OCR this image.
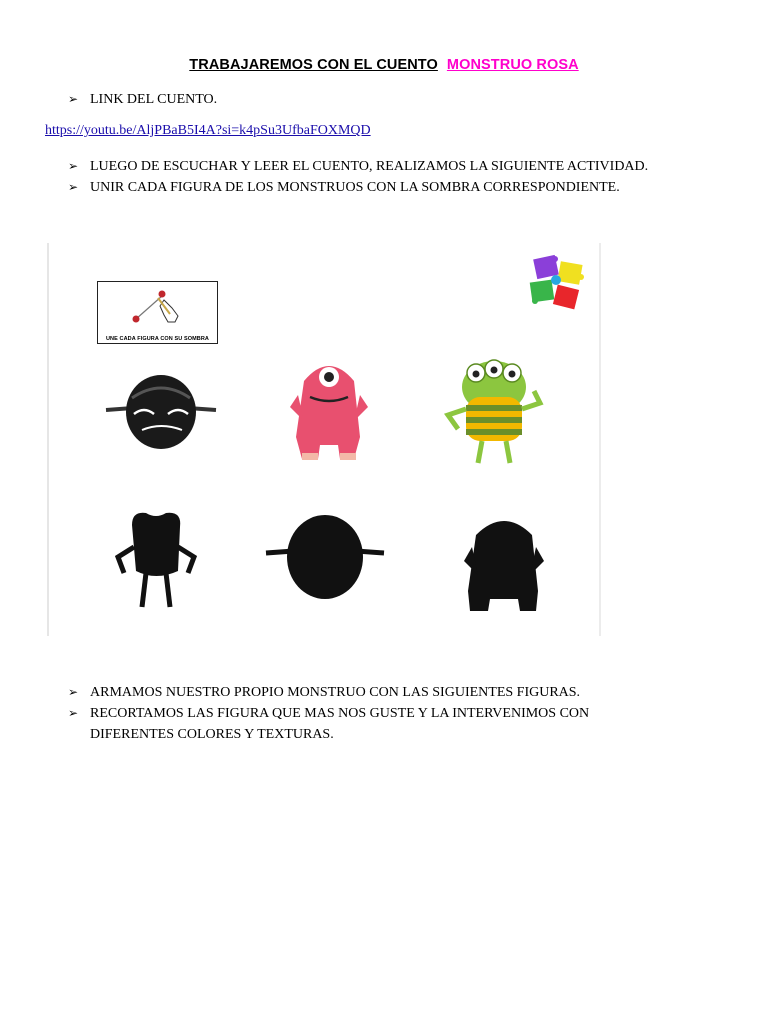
TRABAJAREMOS CON EL CUENTO MONSTRUO ROSA
➢ LINK DEL CUENTO.
https://youtu.be/AljPBaB5I4A?si=k4pSu3UfbaFOXMQD
➢ LUEGO DE ESCUCHAR Y LEER EL CUENTO, REALIZAMOS LA SIGUIENTE ACTIVIDAD.
➢ UNIR CADA FIGURA DE LOS MONSTRUOS CON LA SOMBRA CORRESPONDIENTE.
UNE CADA FIGURA CON SU SOMBRA
➢ ARMAMOS NUESTRO PROPIO MONSTRUO CON LAS SIGUIENTES FIGURAS.
➢ RECORTAMOS LAS FIGURA QUE MAS NOS GUSTE Y LA INTERVENIMOS CON DIFERENTES COLORES Y TEXTURAS.
